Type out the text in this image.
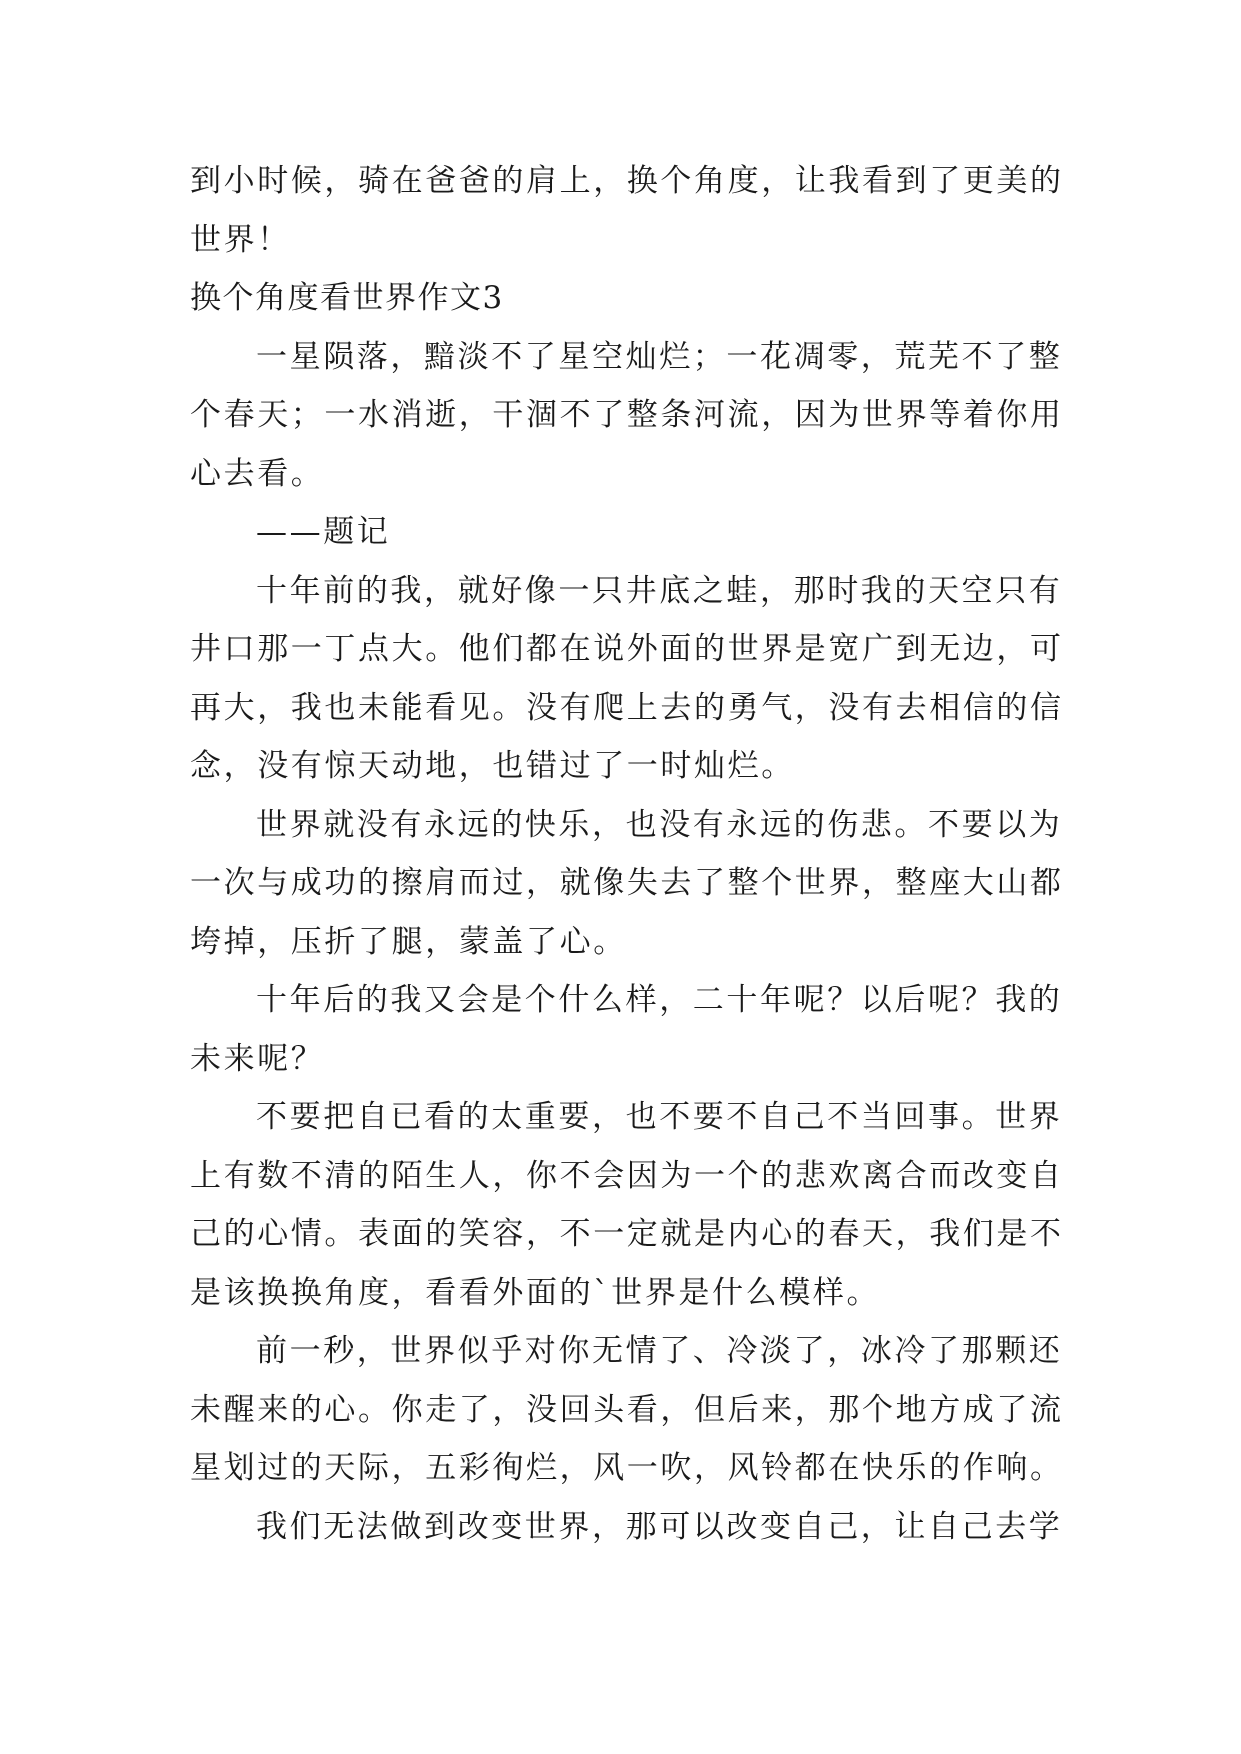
到小时候，骑在爸爸的肩上，换个角度，让我看到了更美的
世界！
换个角度看世界作文3
一星陨落，黯淡不了星空灿烂；一花凋零，荒芜不了整
个春天；一水消逝，干涸不了整条河流，因为世界等着你用
心去看。
——题记
十年前的我，就好像一只井底之蛙，那时我的天空只有
井口那一丁点大。他们都在说外面的世界是宽广到无边，可
再大，我也未能看见。没有爬上去的勇气，没有去相信的信
念，没有惊天动地，也错过了一时灿烂。
世界就没有永远的快乐，也没有永远的伤悲。不要以为
一次与成功的擦肩而过，就像失去了整个世界，整座大山都
垮掉，压折了腿，蒙盖了心。
十年后的我又会是个什么样，二十年呢？以后呢？我的
未来呢？
不要把自已看的太重要，也不要不自己不当回事。世界
上有数不清的陌生人，你不会因为一个的悲欢离合而改变自
己的心情。表面的笑容，不一定就是内心的春天，我们是不
是该换换角度，看看外面的`世界是什么模样。
前一秒，世界似乎对你无情了、冷淡了，冰冷了那颗还
未醒来的心。你走了，没回头看，但后来，那个地方成了流
星划过的天际，五彩徇烂，风一吹，风铃都在快乐的作响。
我们无法做到改变世界，那可以改变自己，让自己去学
